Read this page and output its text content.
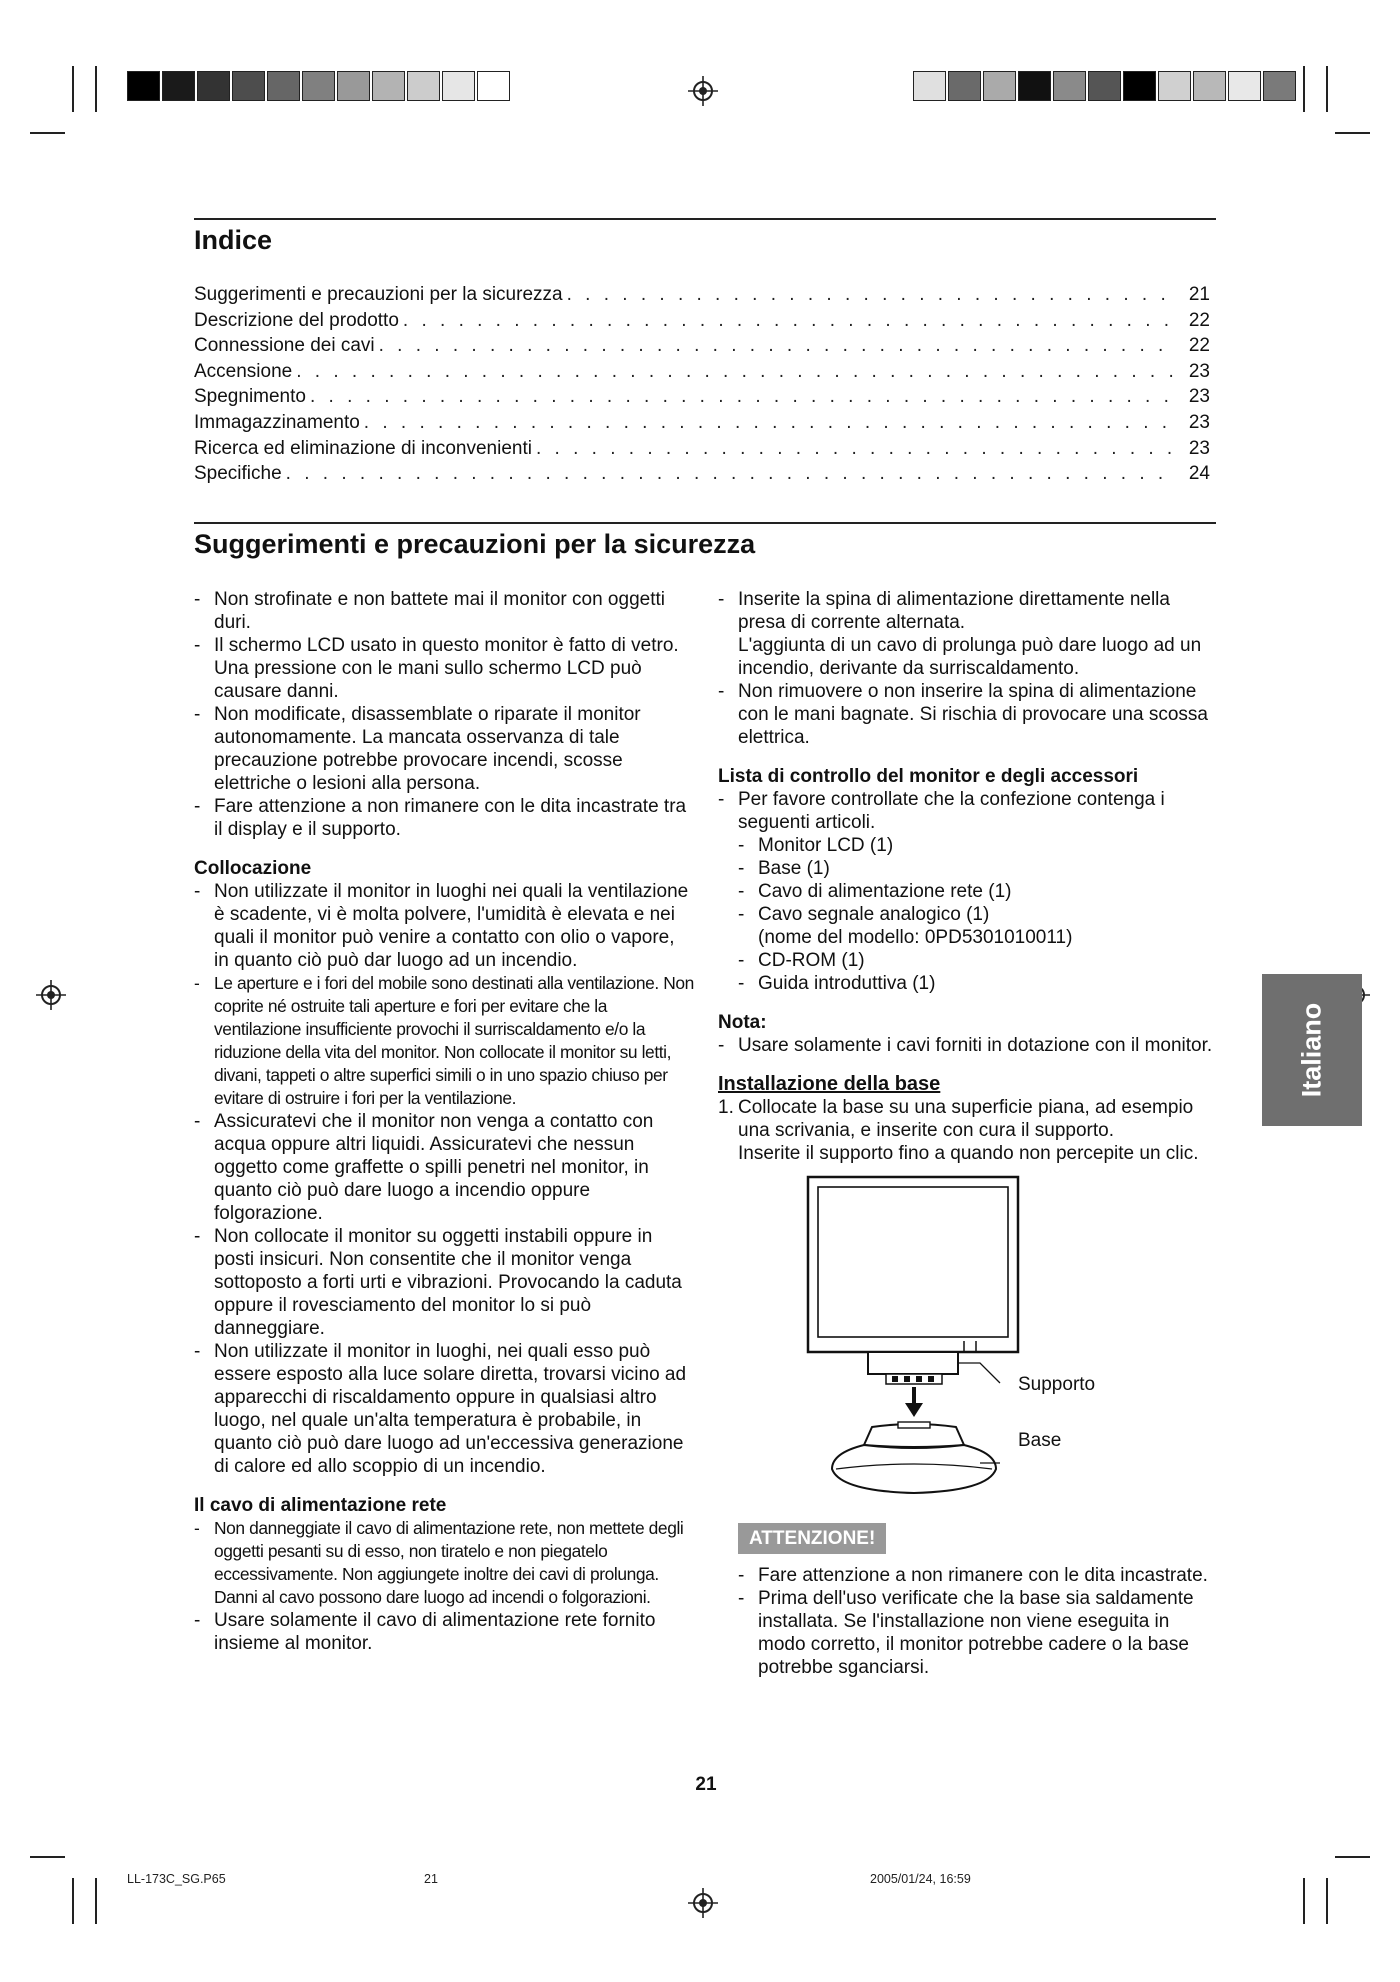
Indice
Suggerimenti e precauzioni per la sicurezza . . .	21
Descrizione del prodotto . . .	22
Connessione dei cavi . . .	22
Accensione . . .	23
Spegnimento . . .	23
Immagazzinamento . . .	23
Ricerca ed eliminazione di inconvenienti . . .	23
Specifiche . . .	24
Suggerimenti e precauzioni per la sicurezza
- Non strofinate e non battete mai il monitor con oggetti duri.
- Il schermo LCD usato in questo monitor è fatto di vetro.
Una pressione con le mani sullo schermo LCD può causare danni.
- Non modificate, disassemblate o riparate il monitor autonomamente. La mancata osservanza di tale precauzione potrebbe provocare incendi, scosse elettriche o lesioni alla persona.
- Fare attenzione a non rimanere con le dita incastrate tra il display e il supporto.

Collocazione

- Non utilizzate il monitor in luoghi nei quali la ventilazione è scadente, vi è molta polvere, l'umidità è elevata e nei quali il monitor può venire a contatto con olio o vapore, in quanto ciò può dar luogo ad un incendio.
- Le aperture e i fori del mobile sono destinati alla ventilazione. Non coprite né ostruite tali aperture e fori per evitare che la ventilazione insufficiente provochi il surriscaldamento e/o la riduzione della vita del monitor. Non collocate il monitor su letti, divani, tappeti o altre superfici simili o in uno spazio chiuso per evitare di ostruire i fori per la ventilazione.
- Assicuratevi che il monitor non venga a contatto con acqua oppure altri liquidi. Assicuratevi che nessun oggetto come graffette o spilli penetri nel monitor, in quanto ciò può dare luogo a incendio oppure folgorazione.
- Non collocate il monitor su oggetti instabili oppure in posti insicuri. Non consentite che il monitor venga sottoposto a forti urti e vibrazioni. Provocando la caduta oppure il rovesciamento del monitor lo si può danneggiare.
- Non utilizzate il monitor in luoghi, nei quali esso può essere esposto alla luce solare diretta, trovarsi vicino ad apparecchi di riscaldamento oppure in qualsiasi altro luogo, nel quale un'alta temperatura è probabile, in quanto ciò può dare luogo ad un'eccessiva generazione di calore ed allo scoppio di un incendio.

Il cavo di alimentazione rete

- Non danneggiate il cavo di alimentazione rete, non mettete degli oggetti pesanti su di esso, non tiratelo e non piegatelo eccessivamente. Non aggiungete inoltre dei cavi di prolunga. Danni al cavo possono dare luogo ad incendi o folgorazioni.
- Usare solamente il cavo di alimentazione rete fornito insieme al monitor.
- Inserite la spina di alimentazione direttamente nella presa di corrente alternata.
L'aggiunta di un cavo di prolunga può dare luogo ad un incendio, derivante da surriscaldamento.
- Non rimuovere o non inserire la spina di alimentazione con le mani bagnate. Si rischia di provocare una scossa elettrica.

Lista di controllo del monitor e degli accessori

- Per favore controllate che la confezione contenga i seguenti articoli.
- Monitor LCD (1)
- Base (1)
- Cavo di alimentazione rete (1)
- Cavo segnale analogico (1)
(nome del modello: 0PD5301010011)
- CD-ROM (1)
- Guida introduttiva (1)

Nota:

- Usare solamente i cavi forniti in dotazione con il monitor.

Installazione della base

1. Collocate la base su una superficie piana, ad esempio una scrivania, e inserite con cura il supporto.
Inserite il supporto fino a quando non percepite un clic.
Supporto
Base
ATTENZIONE!
- Fare attenzione a non rimanere con le dita incastrate.
- Prima dell'uso verificate che la base sia saldamente installata. Se l'installazione non viene eseguita in modo corretto, il monitor potrebbe cadere o la base potrebbe sganciarsi.
Italiano
21
LL-173C_SG.P65	21	2005/01/24, 16:59
